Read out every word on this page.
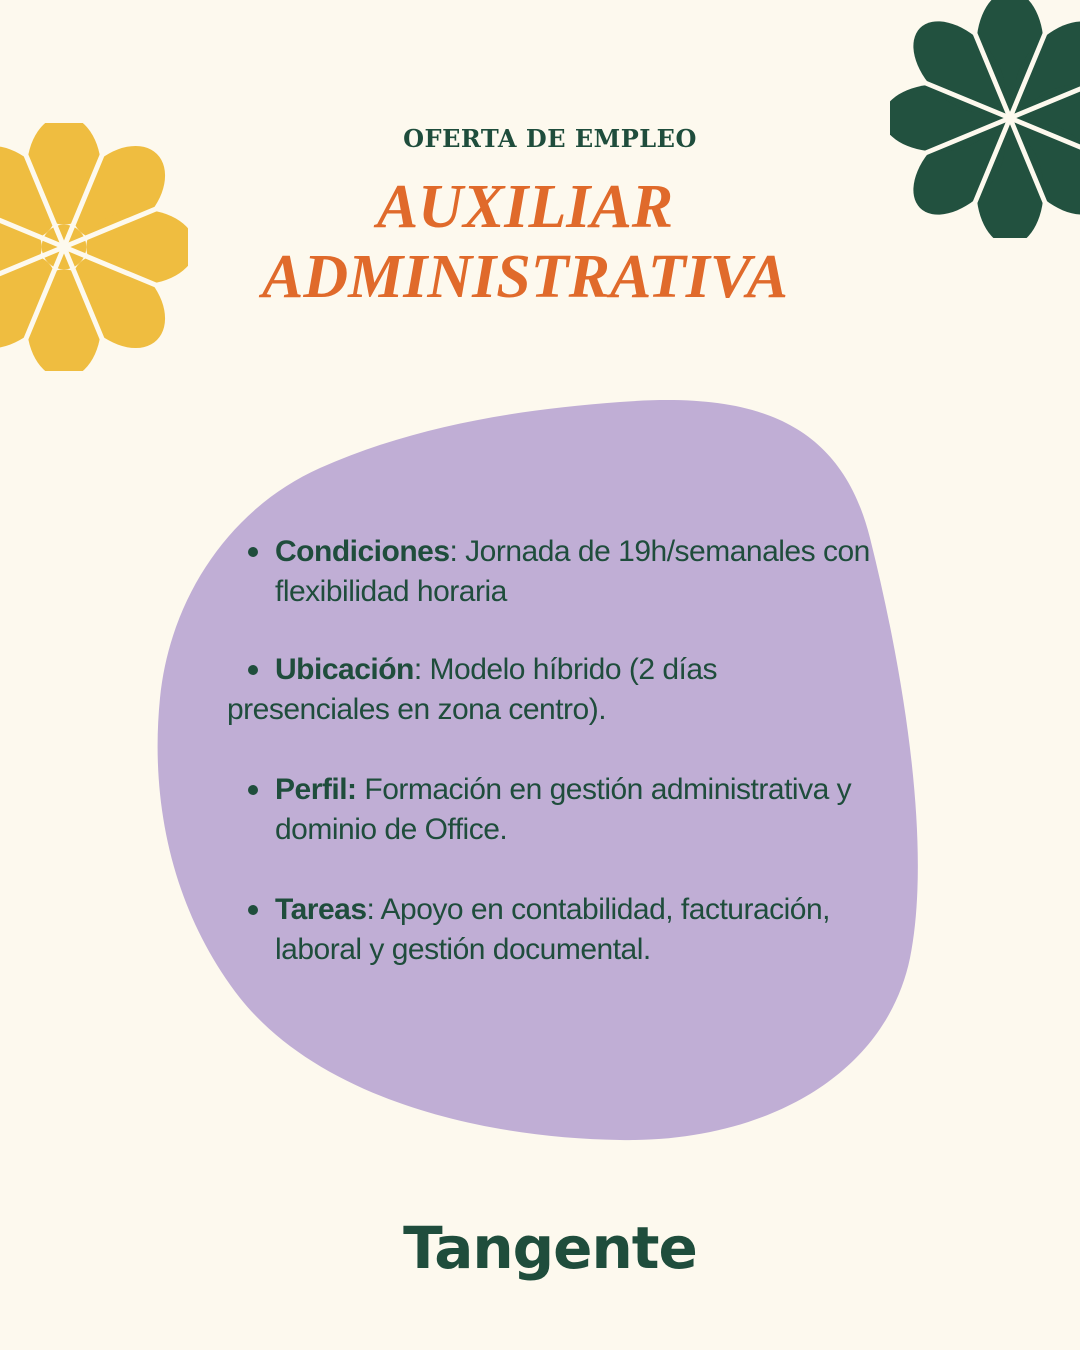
OFERTA DE EMPLEO
AUXILIAR
ADMINISTRATIVA
Condiciones: Jornada de 19h/semanales con flexibilidad horaria
Ubicación: Modelo híbrido (2 días
presenciales en zona centro).
Perfil: Formación en gestión administrativa y dominio de Office.
Tareas: Apoyo en contabilidad, facturación, laboral y gestión documental.
Tangente
